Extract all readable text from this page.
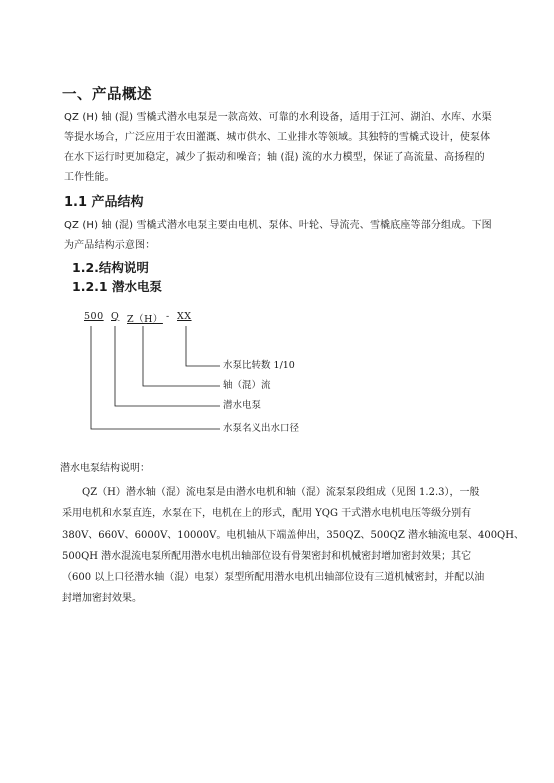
一、产品概述
QZ (H) 轴 (混) 雪橇式潜水电泵是一款高效、可靠的水利设备，适用于江河、湖泊、水库、水渠等提水场合，广泛应用于农田灌溉、城市供水、工业排水等领域。其独特的雪橇式设计，使泵体在水下运行时更加稳定，减少了振动和噪音；轴 (混) 流的水力模型，保证了高流量、高扬程的工作性能。
1.1 产品结构
QZ (H) 轴 (混) 雪橇式潜水电泵主要由电机、泵体、叶轮、导流壳、雪橇底座等部分组成。下图为产品结构示意图：
1.2.结构说明
1.2.1 潜水电泵
500 Q Z（H） - XX
水泵比转数 1/10
轴（混）流
潜水电泵
水泵名义出水口径
潜水电泵结构说明：
QZ（H）潜水轴（混）流电泵是由潜水电机和轴（混）流泵泵段组成（见图 1.2.3），一般
采用电机和水泵直连，水泵在下，电机在上的形式，配用 YQG 干式潜水电机电压等级分别有
380V、660V、6000V、10000V。电机轴从下端盖伸出，350QZ、500QZ 潜水轴流电泵、400QH、
500QH 潜水混流电泵所配用潜水电机出轴部位设有骨架密封和机械密封增加密封效果；其它
（600 以上口径潜水轴（混）电泵）泵型所配用潜水电机出轴部位设有三道机械密封，并配以油
封增加密封效果。
